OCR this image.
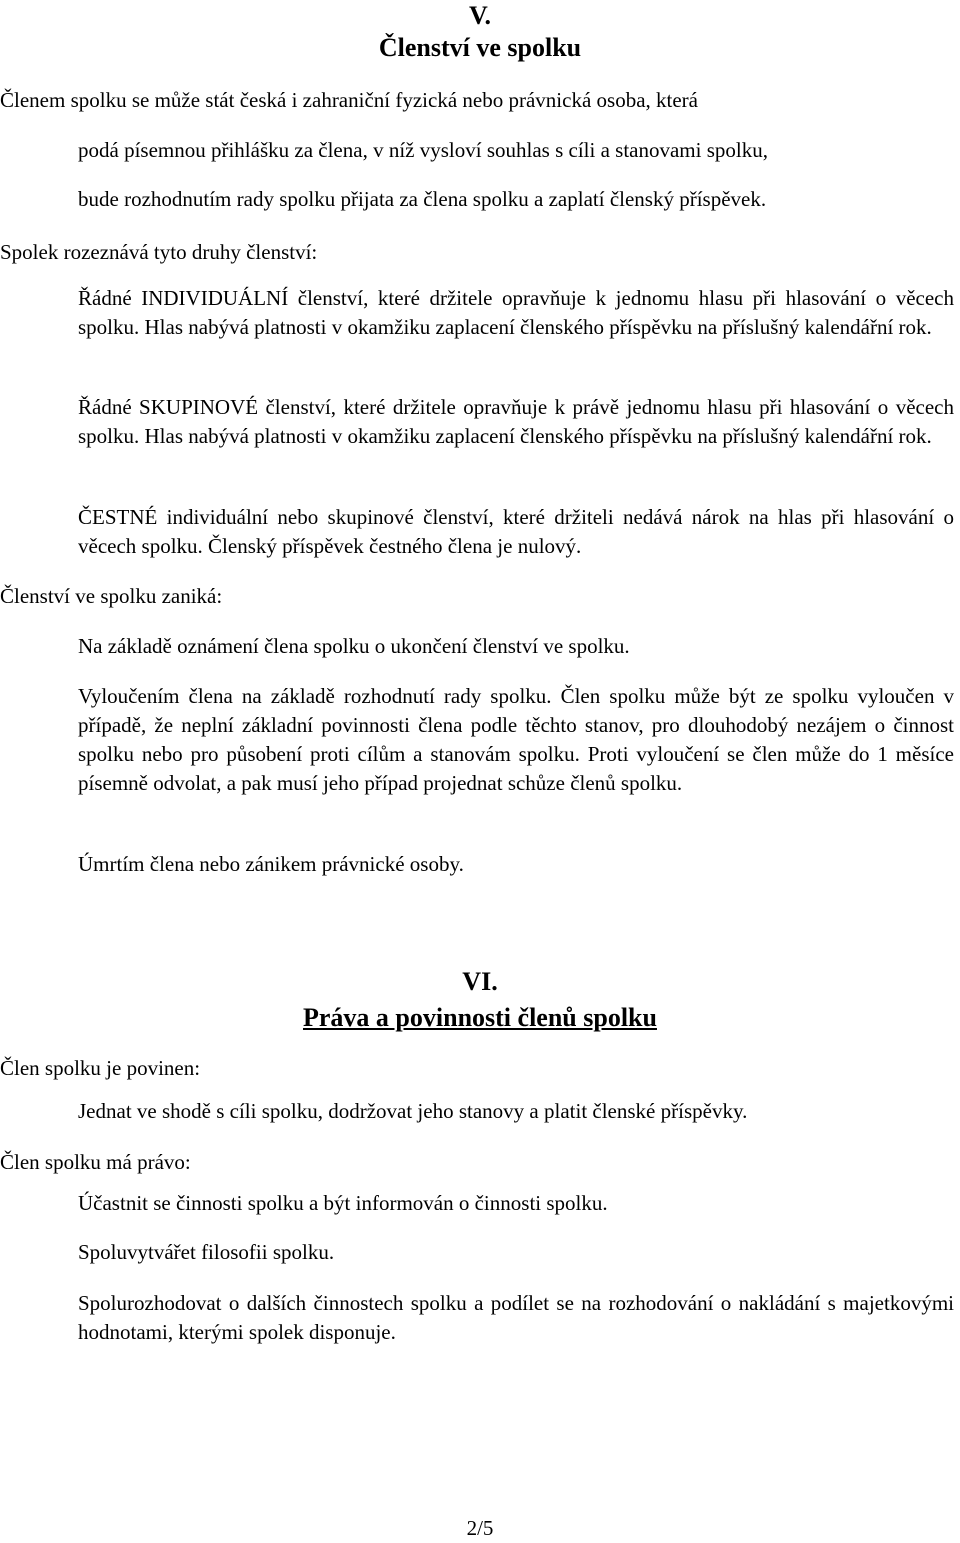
V.
Členství ve spolku

Členem spolku se může stát česká i zahraniční fyzická nebo právnická osoba, která

podá písemnou přihlášku za člena, v níž vysloví souhlas s cíli a stanovami spolku,

bude rozhodnutím rady spolku přijata za člena spolku a zaplatí členský příspěvek.

Spolek rozeznává tyto druhy členství:

Řádné INDIVIDUÁLNÍ členství, které držitele opravňuje k jednomu hlasu při hlasování o věcech spolku. Hlas nabývá platnosti v okamžiku zaplacení členského příspěvku na příslušný kalendářní rok.

Řádné SKUPINOVÉ členství, které držitele opravňuje k právě jednomu hlasu při hlasování o věcech spolku. Hlas nabývá platnosti v okamžiku zaplacení členského příspěvku na příslušný kalendářní rok.

ČESTNÉ individuální nebo skupinové členství, které držiteli nedává nárok na hlas při hlasování o věcech spolku. Členský příspěvek čestného člena je nulový.

Členství ve spolku zaniká:

Na základě oznámení člena spolku o ukončení členství ve spolku.

Vyloučením člena na základě rozhodnutí rady spolku. Člen spolku může být ze spolku vyloučen v případě, že neplní základní povinnosti člena podle těchto stanov, pro dlouhodobý nezájem o činnost spolku nebo pro působení proti cílům a stanovám spolku. Proti vyloučení se člen může do 1 měsíce písemně odvolat, a pak musí jeho případ projednat schůze členů spolku.

Úmrtím člena nebo zánikem právnické osoby.

VI.
Práva a povinnosti členů spolku

Člen spolku je povinen:

Jednat ve shodě s cíli spolku, dodržovat jeho stanovy a platit členské příspěvky.

Člen spolku má právo:

Účastnit se činnosti spolku a být informován o činnosti spolku.

Spoluvytvářet filosofii spolku.

Spolurozhodovat o dalších činnostech spolku a podílet se na rozhodování o nakládání s majetkovými hodnotami, kterými spolek disponuje.

2/5
